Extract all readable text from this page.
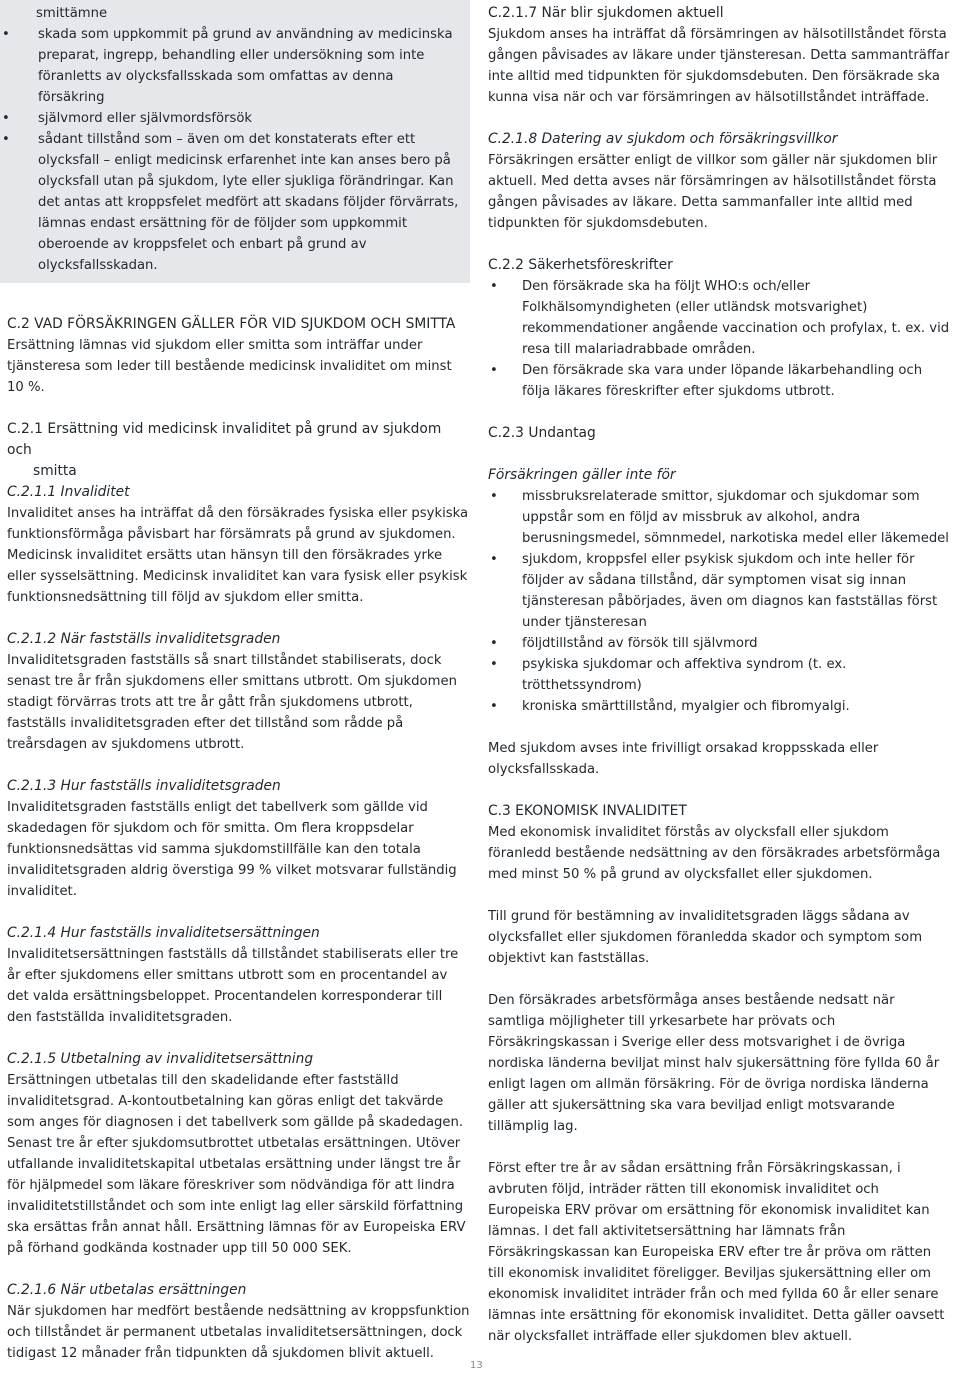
smittämne

• skada som uppkommit på grund av användning av medicinska preparat, ingrepp, behandling eller undersökning som inte föranletts av olycksfallsskada som omfattas av denna försäkring
• självmord eller självmordsförsök
• sådant tillstånd som – även om det konstaterats efter ett olycksfall – enligt medicinsk erfarenhet inte kan anses bero på olycksfall utan på sjukdom, lyte eller sjukliga förändringar. Kan det antas att kroppsfelet medfört att skadans följder förvärrats, lämnas endast ersättning för de följder som uppkommit oberoende av kroppsfelet och enbart på grund av olycksfallsskadan.

C.2 VAD FÖRSÄKRINGEN GÄLLER FÖR VID SJUKDOM OCH SMITTA

Ersättning lämnas vid sjukdom eller smitta som inträffar under tjänsteresa som leder till bestående medicinsk invaliditet om minst 10 %.

C.2.1 Ersättning vid medicinsk invaliditet på grund av sjukdom och

smitta

C.2.1.1 Invaliditet

Invaliditet anses ha inträffat då den försäkrades fysiska eller psykiska funktionsförmåga påvisbart har försämrats på grund av sjukdomen. Medicinsk invaliditet ersätts utan hänsyn till den försäkrades yrke eller sysselsättning. Medicinsk invaliditet kan vara fysisk eller psykisk funktionsnedsättning till följd av sjukdom eller smitta.

C.2.1.2 När fastställs invaliditetsgraden

Invaliditetsgraden fastställs så snart tillståndet stabiliserats, dock senast tre år från sjukdomens eller smittans utbrott. Om sjukdomen stadigt förvärras trots att tre år gått från sjukdomens utbrott, fastställs invaliditetsgraden efter det tillstånd som rådde på treårsdagen av sjukdomens utbrott.

C.2.1.3 Hur fastställs invaliditetsgraden

Invaliditetsgraden fastställs enligt det tabellverk som gällde vid skadedagen för sjukdom och för smitta. Om flera kroppsdelar funktionsnedsättas vid samma sjukdomstillfälle kan den totala invaliditetsgraden aldrig överstiga 99 % vilket motsvarar fullständig invaliditet.

C.2.1.4 Hur fastställs invaliditetsersättningen

Invaliditetsersättningen fastställs då tillståndet stabiliserats eller tre år efter sjukdomens eller smittans utbrott som en procentandel av det valda ersättningsbeloppet. Procentandelen korresponderar till den fastställda invaliditetsgraden.

C.2.1.5 Utbetalning av invaliditetsersättning

Ersättningen utbetalas till den skadelidande efter fastställd invaliditetsgrad. A-kontoutbetalning kan göras enligt det takvärde som anges för diagnosen i det tabellverk som gällde på skadedagen. Senast tre år efter sjukdomsutbrottet utbetalas ersättningen. Utöver utfallande invaliditetskapital utbetalas ersättning under längst tre år för hjälpmedel som läkare föreskriver som nödvändiga för att lindra invaliditetstillståndet och som inte enligt lag eller särskild författning ska ersättas från annat håll. Ersättning lämnas för av Europeiska ERV på förhand godkända kostnader upp till 50 000 SEK.

C.2.1.6 När utbetalas ersättningen

När sjukdomen har medfört bestående nedsättning av kroppsfunktion och tillståndet är permanent utbetalas invaliditetsersättningen, dock tidigast 12 månader från tidpunkten då sjukdomen blivit aktuell.

C.2.1.7 När blir sjukdomen aktuell

Sjukdom anses ha inträffat då försämringen av hälsotillståndet första gången påvisades av läkare under tjänsteresan. Detta sammanträffar inte alltid med tidpunkten för sjukdomsdebuten. Den försäkrade ska kunna visa när och var försämringen av hälsotillståndet inträffade.

C.2.1.8 Datering av sjukdom och försäkringsvillkor

Försäkringen ersätter enligt de villkor som gäller när sjukdomen blir aktuell. Med detta avses när försämringen av hälsotillståndet första gången påvisades av läkare. Detta sammanfaller inte alltid med tidpunkten för sjukdomsdebuten.

C.2.2 Säkerhetsföreskrifter

• Den försäkrade ska ha följt WHO:s och/eller Folkhälsomyndigheten (eller utländsk motsvarighet) rekommendationer angående vaccination och profylax, t. ex. vid resa till malariadrabbade områden.
• Den försäkrade ska vara under löpande läkarbehandling och följa läkares föreskrifter efter sjukdoms utbrott.

C.2.3 Undantag

Försäkringen gäller inte för

• missbruksrelaterade smittor, sjukdomar och sjukdomar som uppstår som en följd av missbruk av alkohol, andra berusningsmedel, sömnmedel, narkotiska medel eller läkemedel
• sjukdom, kroppsfel eller psykisk sjukdom och inte heller för följder av sådana tillstånd, där symptomen visat sig innan tjänsteresan påbörjades, även om diagnos kan fastställas först under tjänsteresan
• följdtillstånd av försök till självmord
• psykiska sjukdomar och affektiva syndrom (t. ex. trötthetssyndrom)
• kroniska smärttillstånd, myalgier och fibromyalgi.

Med sjukdom avses inte frivilligt orsakad kroppsskada eller olycksfallsskada.

C.3 EKONOMISK INVALIDITET

Med ekonomisk invaliditet förstås av olycksfall eller sjukdom föranledd bestående nedsättning av den försäkrades arbetsförmåga med minst 50 % på grund av olycksfallet eller sjukdomen.

Till grund för bestämning av invaliditetsgraden läggs sådana av olycksfallet eller sjukdomen föranledda skador och symptom som objektivt kan fastställas.

Den försäkrades arbetsförmåga anses bestående nedsatt när samtliga möjligheter till yrkesarbete har prövats och Försäkringskassan i Sverige eller dess motsvarighet i de övriga nordiska länderna beviljat minst halv sjukersättning före fyllda 60 år enligt lagen om allmän försäkring. För de övriga nordiska länderna gäller att sjukersättning ska vara beviljad enligt motsvarande tillämplig lag.

Först efter tre år av sådan ersättning från Försäkringskassan, i avbruten följd, inträder rätten till ekonomisk invaliditet och Europeiska ERV prövar om ersättning för ekonomisk invaliditet kan lämnas. I det fall aktivitetsersättning har lämnats från Försäkringskassan kan Europeiska ERV efter tre år pröva om rätten till ekonomisk invaliditet föreligger. Beviljas sjukersättning eller om ekonomisk invaliditet inträder från och med fyllda 60 år eller senare lämnas inte ersättning för ekonomisk invaliditet. Detta gäller oavsett när olycksfallet inträffade eller sjukdomen blev aktuell.

13
